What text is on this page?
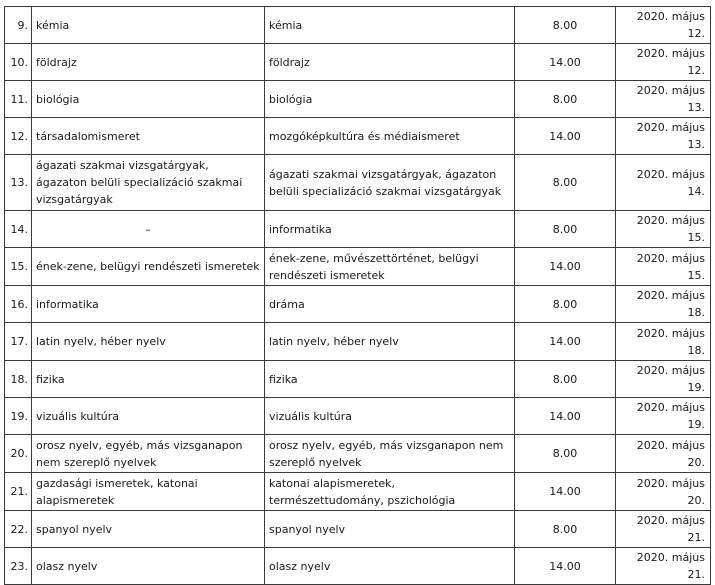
9.	kémia	kémia	8.00	2020. május 12.
10.	földrajz	földrajz	14.00	2020. május 12.
11.	biológia	biológia	8.00	2020. május 13.
12.	társadalomismeret	mozgóképkultúra és médiaismeret	14.00	2020. május 13.
13.	ágazati szakmai vizsgatárgyak, ágazaton belüli specializáció szakmai vizsgatárgyak	ágazati szakmai vizsgatárgyak, ágazaton belüli specializáció szakmai vizsgatárgyak	8.00	2020. május 14.
14.	–	informatika	8.00	2020. május 15.
15.	ének-zene, belügyi rendészeti ismeretek	ének-zene, művészettörténet, belügyi rendészeti ismeretek	14.00	2020. május 15.
16.	informatika	dráma	8.00	2020. május 18.
17.	latin nyelv, héber nyelv	latin nyelv, héber nyelv	14.00	2020. május 18.
18.	fizika	fizika	8.00	2020. május 19.
19.	vizuális kultúra	vizuális kultúra	14.00	2020. május 19.
20.	orosz nyelv, egyéb, más vizsganapon nem szereplő nyelvek	orosz nyelv, egyéb, más vizsganapon nem szereplő nyelvek	8.00	2020. május 20.
21.	gazdasági ismeretek, katonai alapismeretek	katonai alapismeretek, természettudomány, pszichológia	14.00	2020. május 20.
22.	spanyol nyelv	spanyol nyelv	8.00	2020. május 21.
23.	olasz nyelv	olasz nyelv	14.00	2020. május 21.
